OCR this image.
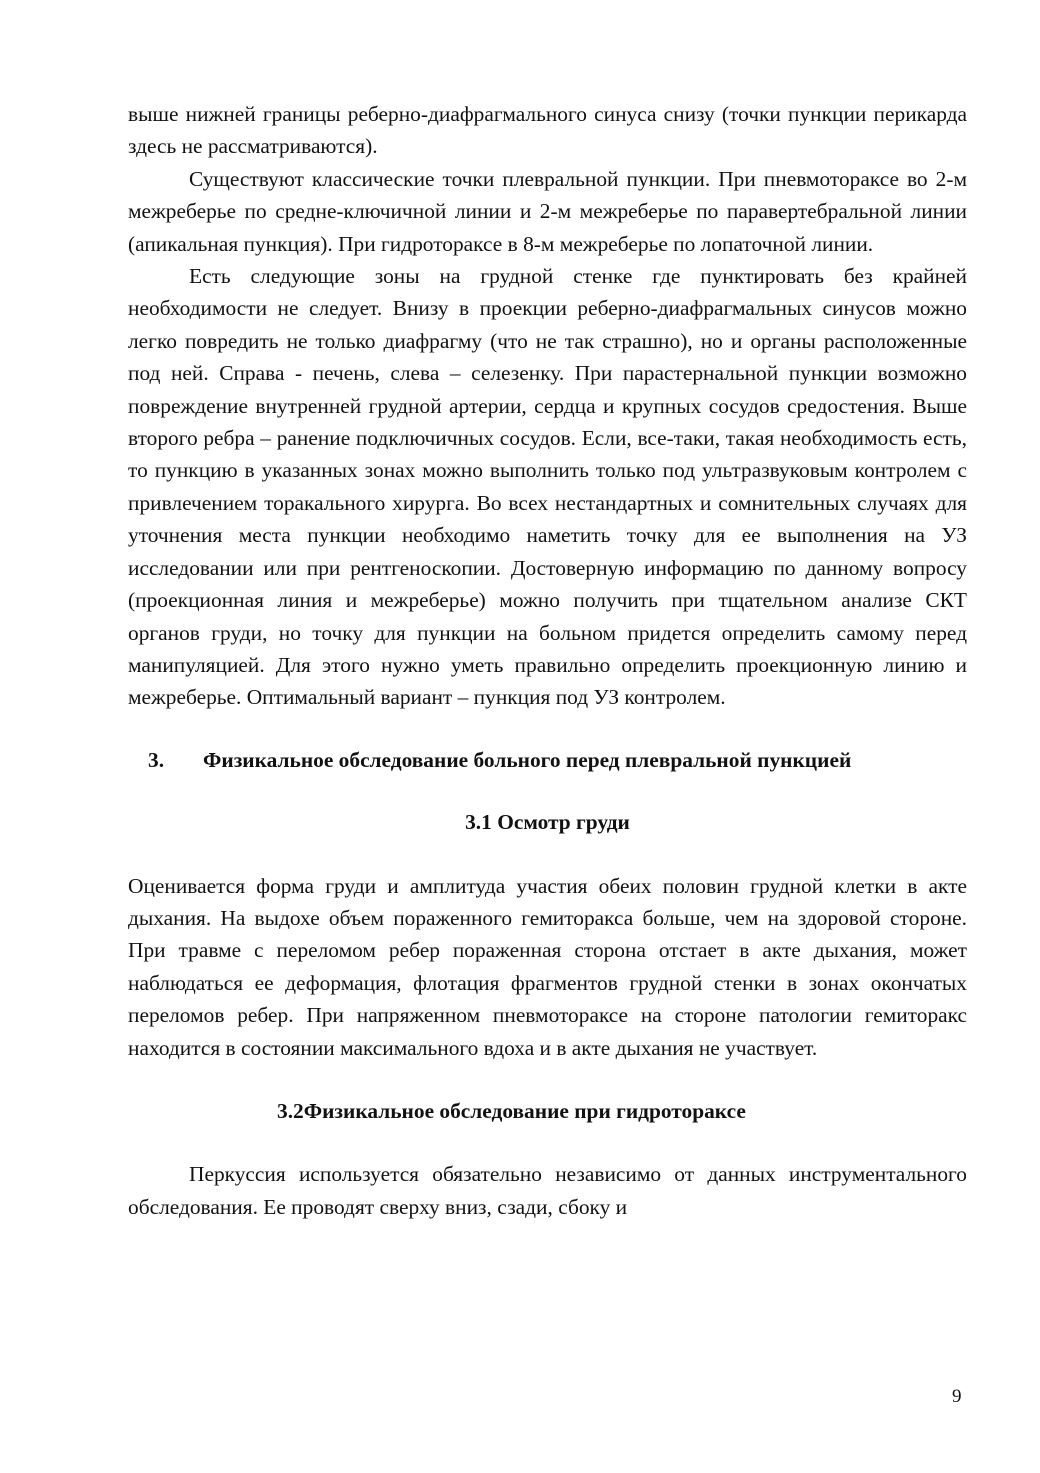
выше нижней границы реберно-диафрагмального синуса снизу (точки пункции перикарда здесь не рассматриваются).

Существуют классические точки плевральной пункции. При пневмотораксе во 2-м межреберье по средне-ключичной линии и 2-м межреберье по паравертебральной линии (апикальная пункция). При гидротораксе в 8-м межреберье по лопаточной линии.

Есть следующие зоны на грудной стенке где пунктировать без крайней необходимости не следует. Внизу в проекции реберно-диафрагмальных синусов можно легко повредить не только диафрагму (что не так страшно), но и органы расположенные под ней. Справа - печень, слева – селезенку. При парастернальной пункции возможно повреждение внутренней грудной артерии, сердца и крупных сосудов средостения. Выше второго ребра – ранение подключичных сосудов. Если, все-таки, такая необходимость есть, то пункцию в указанных зонах можно выполнить только под ультразвуковым контролем с привлечением торакального хирурга. Во всех нестандартных и сомнительных случаях для уточнения места пункции необходимо наметить точку для ее выполнения на УЗ исследовании или при рентгеноскопии. Достоверную информацию по данному вопросу (проекционная линия и межреберье) можно получить при тщательном анализе СКТ органов груди, но точку для пункции на больном придется определить самому перед манипуляцией. Для этого нужно уметь правильно определить проекционную линию и межреберье. Оптимальный вариант – пункция под УЗ контролем.

3.	Физикальное обследование больного перед плевральной пункцией

3.1 Осмотр груди

Оценивается форма груди и амплитуда участия обеих половин грудной клетки в акте дыхания. На выдохе объем пораженного гемиторакса больше, чем на здоровой стороне. При травме с переломом ребер пораженная сторона отстает в акте дыхания, может наблюдаться ее деформация, флотация фрагментов грудной стенки в зонах окончатых переломов ребер. При напряженном пневмотораксе на стороне патологии гемиторакс находится в состоянии максимального вдоха и в акте дыхания не участвует.

3.2Физикальное обследование при гидротораксе

Перкуссия используется обязательно независимо от данных инструментального обследования. Ее проводят сверху вниз, сзади, сбоку и

9
